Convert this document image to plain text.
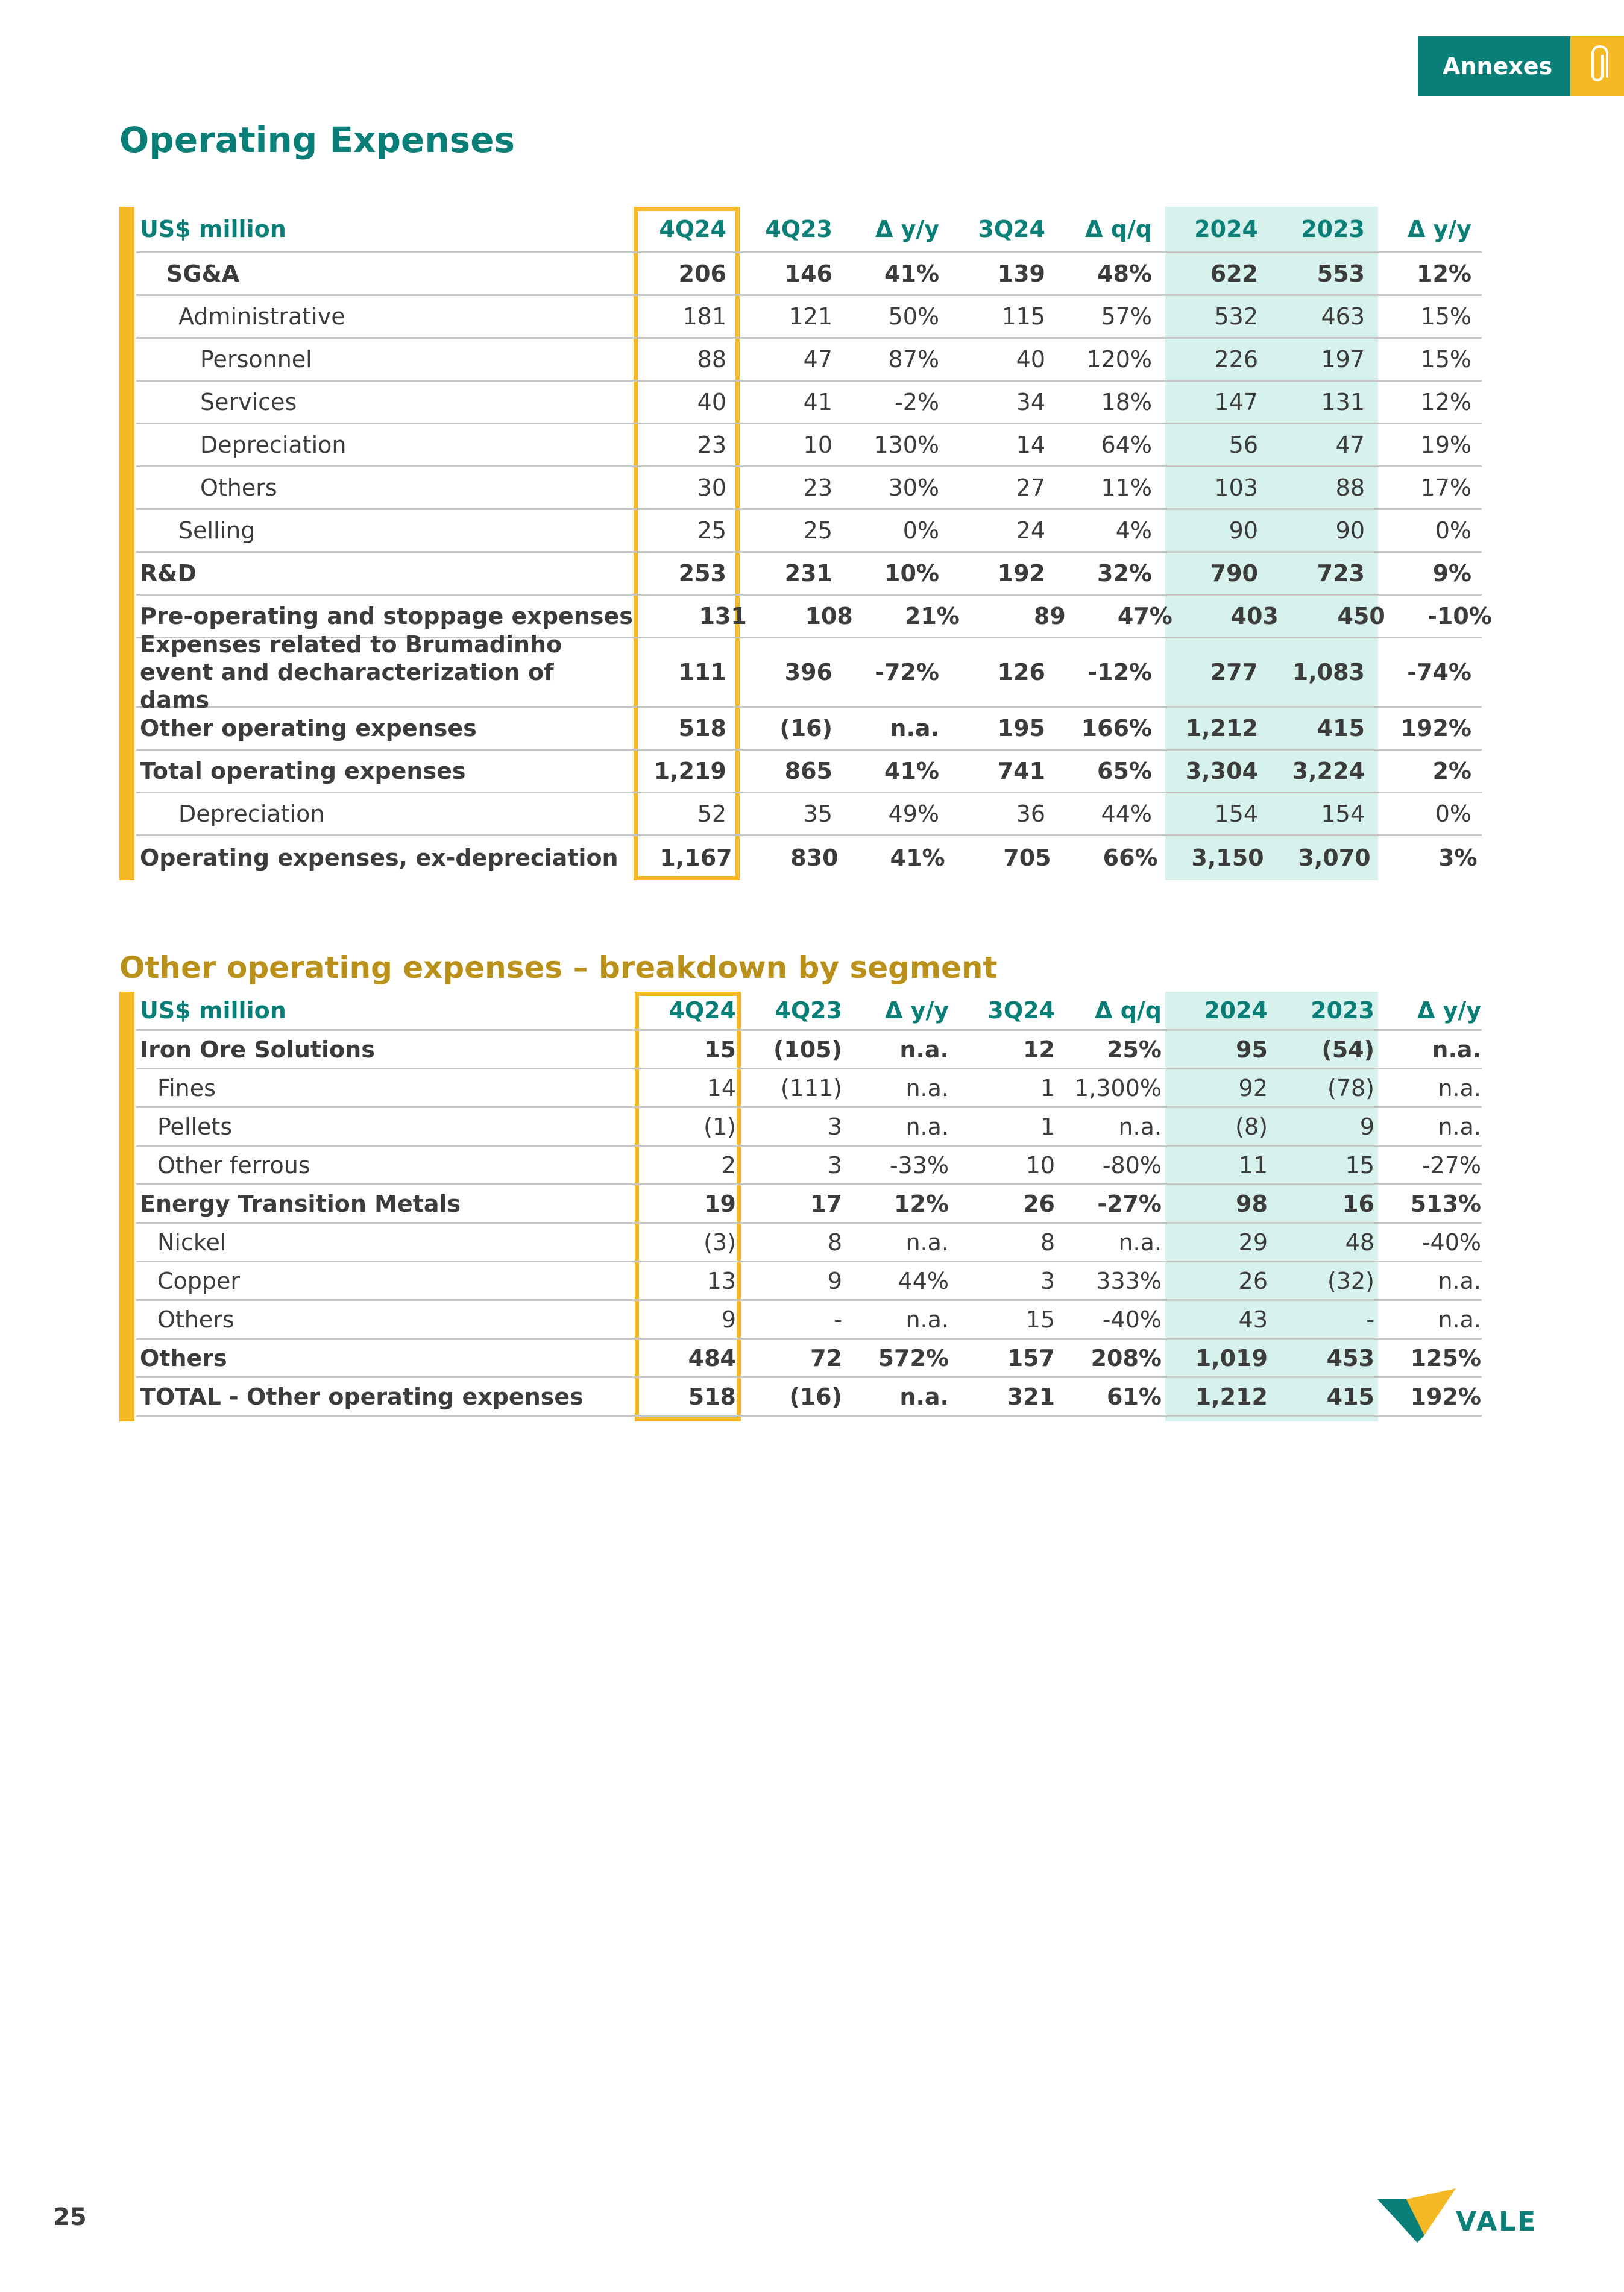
Annexes
Operating Expenses
US$ million	4Q24	4Q23	Δ y/y	3Q24	Δ q/q	2024	2023	Δ y/y
SG&A	206	146	41%	139	48%	622	553	12%
Administrative	181	121	50%	115	57%	532	463	15%
Personnel	88	47	87%	40	120%	226	197	15%
Services	40	41	-2%	34	18%	147	131	12%
Depreciation	23	10	130%	14	64%	56	47	19%
Others	30	23	30%	27	11%	103	88	17%
Selling	25	25	0%	24	4%	90	90	0%
R&D	253	231	10%	192	32%	790	723	9%
Pre-operating and stoppage expenses	131	108	21%	89	47%	403	450	-10%
Expenses related to Brumadinho event and decharacterization of dams
111	396	-72%	126	-12%	277	1,083	-74%
Other operating expenses	518	(16)	n.a.	195	166%	1,212	415	192%
Total operating expenses	1,219	865	41%	741	65%	3,304	3,224	2%
Depreciation	52	35	49%	36	44%	154	154	0%
Operating expenses, ex-depreciation	1,167	830	41%	705	66%	3,150	3,070	3%
Other operating expenses – breakdown by segment
US$ million	4Q24	4Q23	Δ y/y	3Q24	Δ q/q	2024	2023	Δ y/y
Iron Ore Solutions	15	(105)	n.a.	12	25%	95	(54)	n.a.
Fines	14	(111)	n.a.	1 1,300%	92	(78)	n.a.
Pellets	(1)	3	n.a.	1	n.a.	(8)	9	n.a.
Other ferrous	2	3	-33%	10	-80%	11	15	-27%
Energy Transition Metals	19	17	12%	26	-27%	98	16	513%
Nickel	(3)	8	n.a.	8	n.a.	29	48	-40%
Copper	13	9	44%	3	333%	26	(32)	n.a.
Others	9	-	n.a.	15	-40%	43	-	n.a.
Others	484	72	572%	157	208%	1,019	453	125%
TOTAL - Other operating expenses	518	(16)	n.a.	321	61%	1,212	415	192%
25	VALE
